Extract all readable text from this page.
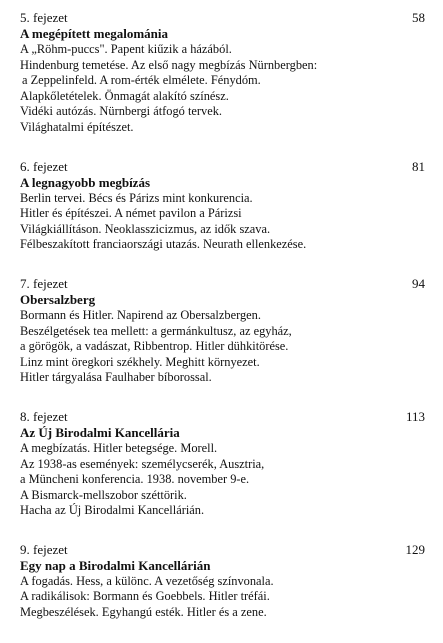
5. fejezet	58
A megépített megalománia
A „Röhm-puccs". Papent kiűzik a házából.
Hindenburg temetése. Az első nagy megbízás Nürnbergben:
a Zeppelinfeld. A rom-érték elmélete. Fénydóm.
Alapkőletételek. Önmagát alakító színész.
Vidéki autózás. Nürnbergi átfogó tervek.
Világhatalmi építészet.
6. fejezet	81
A legnagyobb megbízás
Berlin tervei. Bécs és Párizs mint konkurencia.
Hitler és építészei. A német pavilon a Párizsi
Világkiállításon. Neoklasszicizmus, az idők szava.
Félbeszakított franciaországi utazás. Neurath ellenkezése.
7. fejezet	94
Obersalzberg
Bormann és Hitler. Napirend az Obersalzbergen.
Beszélgetések tea mellett: a germánkultusz, az egyház,
a görögök, a vadászat, Ribbentrop. Hitler dühkitörése.
Linz mint öregkori székhely. Meghitt környezet.
Hitler tárgyalása Faulhaber bíborossal.
8. fejezet	113
Az Új Birodalmi Kancellária
A megbízatás. Hitler betegsége. Morell.
Az 1938-as események: személycserék, Ausztria,
a Müncheni konferencia. 1938. november 9-e.
A Bismarck-mellszobor széttörik.
Hacha az Új Birodalmi Kancellárián.
9. fejezet	129
Egy nap a Birodalmi Kancellárián
A fogadás. Hess, a különc. A vezetőség színvonala.
A radikálisok: Bormann és Goebbels. Hitler tréfái.
Megbeszélések. Egyhangú esték. Hitler és a zene.
